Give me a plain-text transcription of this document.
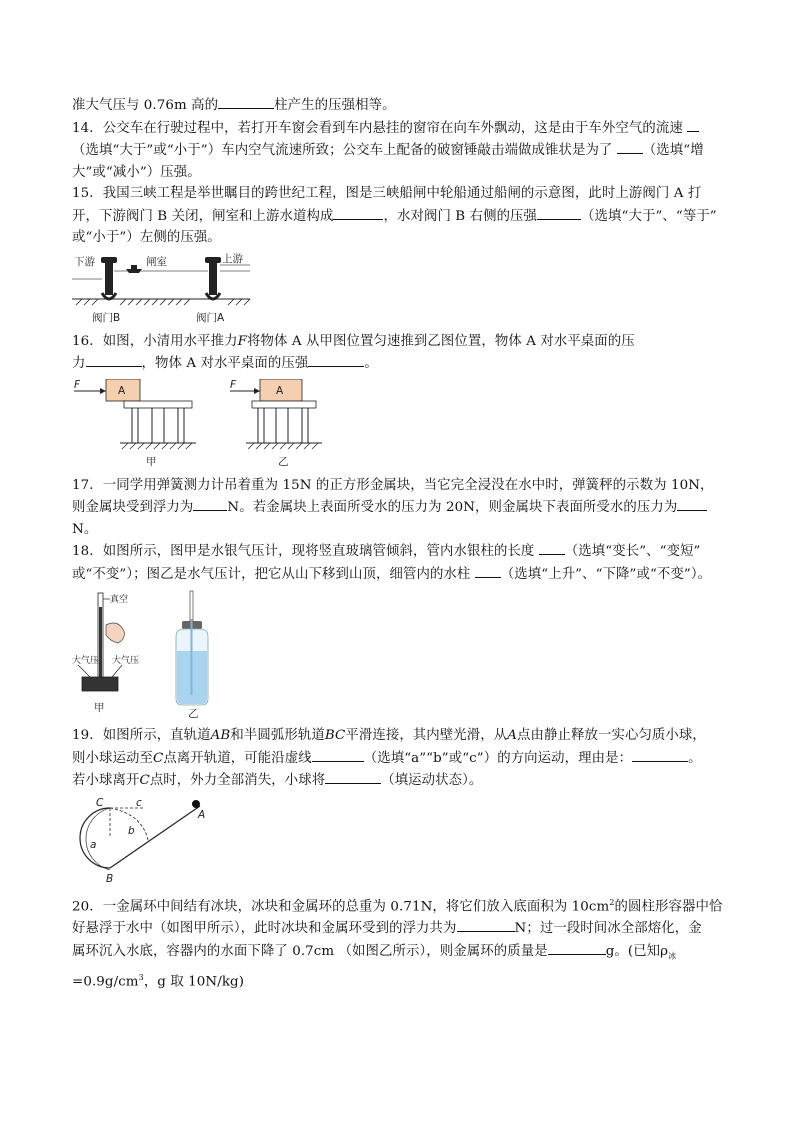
准大气压与 0.76m 高的	柱产生的压强相等。
14．公交车在行驶过程中，若打开车窗会看到车内悬挂的窗帘在向车外飘动，这是由于车外空气的流速
（选填“大于”或“小于”）车内空气流速所致；公交车上配备的破窗锤敲击端做成锥状是为了 （选填“增
大”或“减小”）压强。
15．我国三峡工程是举世瞩目的跨世纪工程，图是三峡船闸中轮船通过船闸的示意图，此时上游阀门 A 打
开，下游阀门 B 关闭，闸室和上游水道构成	，水对阀门 B 右侧的压强	（选填“大于”、“等于”
或“小于”）左侧的压强。
下游	闸室	上游
阀门B	阀门A
16．如图，小清用水平推力F将物体 A 从甲图位置匀速推到乙图位置，物体 A 对水平桌面的压
力	，物体 A 对水平桌面的压强	。
F	A
甲
F	A
乙
17．一同学用弹簧测力计吊着重为 15N 的正方形金属块，当它完全浸没在水中时，弹簧秤的示数为 10N，
则金属块受到浮力为	N。若金属块上表面所受水的压力为 20N，则金属块下表面所受水的压力为
N。
18．如图所示，图甲是水银气压计，现将竖直玻璃管倾斜，管内水银柱的长度 （选填“变长”、“变短”
或“不变”）；图乙是水气压计，把它从山下移到山顶，细管内的水柱 （选填“上升”、“下降”或“不变”）。
真空
大气压 大气压
甲	乙
19．如图所示，直轨道AB和半圆弧形轨道BC平滑连接，其内壁光滑，从A点由静止释放一实心匀质小球，
则小球运动至C点离开轨道，可能沿虚线	（选填“a”“b”或“c”）的方向运动，理由是：	。
若小球离开C点时，外力全部消失，小球将	（填运动状态）。
C	c
b
a
A
B
20．一金属环中间结有冰块，冰块和金属环的总重为 0.71N，将它们放入底面积为 $10cm^2$的圆柱形容器中恰
好悬浮于水中（如图甲所示），此时冰块和金属环受到的浮力共为	N；过一段时间冰全部熔化，金
属环沉入水底，容器内的水面下降了 0.7cm （如图乙所示），则金属环的质量是	g。(已知$\rho_冰$
$=0.9g/cm^3$，g 取 10N/kg)
